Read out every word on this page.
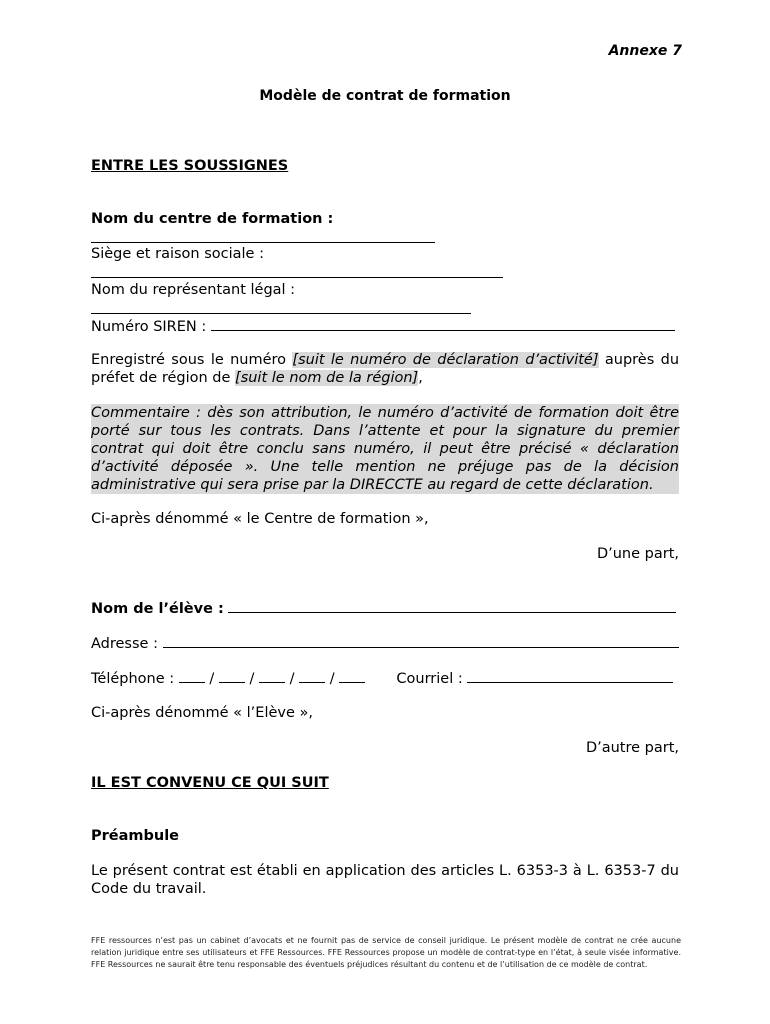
Annexe 7
Modèle de contrat de formation
ENTRE LES SOUSSIGNES
Nom du centre de formation :
Siège et raison sociale :
Nom du représentant légal :
Numéro SIREN :
Enregistré sous le numéro [suit le numéro de déclaration d’activité] auprès du préfet de région de [suit le nom de la région],
Commentaire : dès son attribution, le numéro d’activité de formation doit être porté sur tous les contrats. Dans l’attente et pour la signature du premier contrat qui doit être conclu sans numéro, il peut être précisé « déclaration d’activité déposée ». Une telle mention ne préjuge pas de la décision administrative qui sera prise par la DIRECCTE au regard de cette déclaration.
Ci-après dénommé « le Centre de formation »,
D’une part,
Nom de l’élève :
Adresse :
Téléphone : / / / /	Courriel :
Ci-après dénommé « l’Elève »,
D’autre part,
IL EST CONVENU CE QUI SUIT
Préambule
Le présent contrat est établi en application des articles L. 6353-3 à L. 6353-7 du Code du travail.
FFE ressources n’est pas un cabinet d’avocats et ne fournit pas de service de conseil juridique. Le présent modèle de contrat ne crée aucune relation juridique entre ses utilisateurs et FFE Ressources. FFE Ressources propose un modèle de contrat-type en l’état, à seule visée informative. FFE Ressources ne saurait être tenu responsable des éventuels préjudices résultant du contenu et de l’utilisation de ce modèle de contrat.
